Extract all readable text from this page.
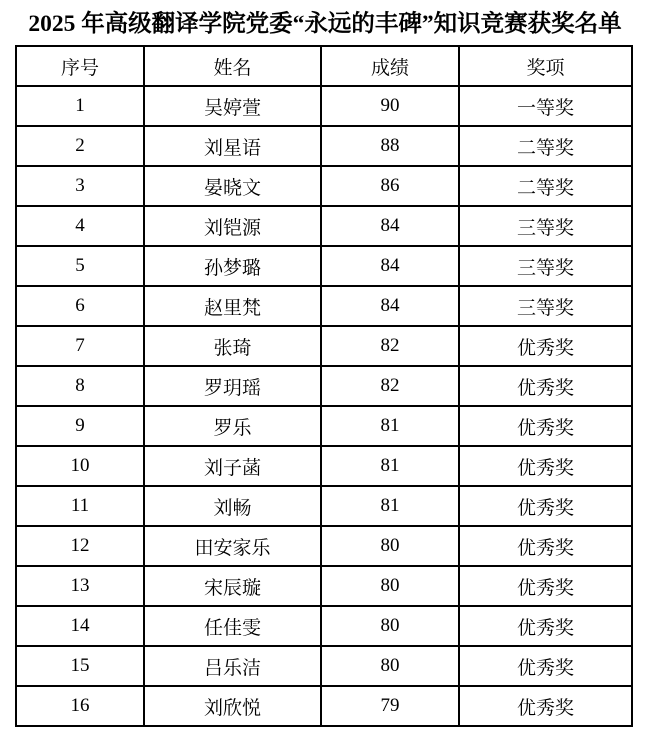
2025 年高级翻译学院党委“永远的丰碑”知识竞赛获奖名单
序号	姓名	成绩	奖项
1	吴婷萱	90	一等奖
2	刘星语	88	二等奖
3	晏晓文	86	二等奖
4	刘铠源	84	三等奖
5	孙梦璐	84	三等奖
6	赵里梵	84	三等奖
7	张琦	82	优秀奖
8	罗玥瑶	82	优秀奖
9	罗乐	81	优秀奖
10	刘子菡	81	优秀奖
11	刘畅	81	优秀奖
12	田安家乐	80	优秀奖
13	宋辰璇	80	优秀奖
14	任佳雯	80	优秀奖
15	吕乐洁	80	优秀奖
16	刘欣悦	79	优秀奖
